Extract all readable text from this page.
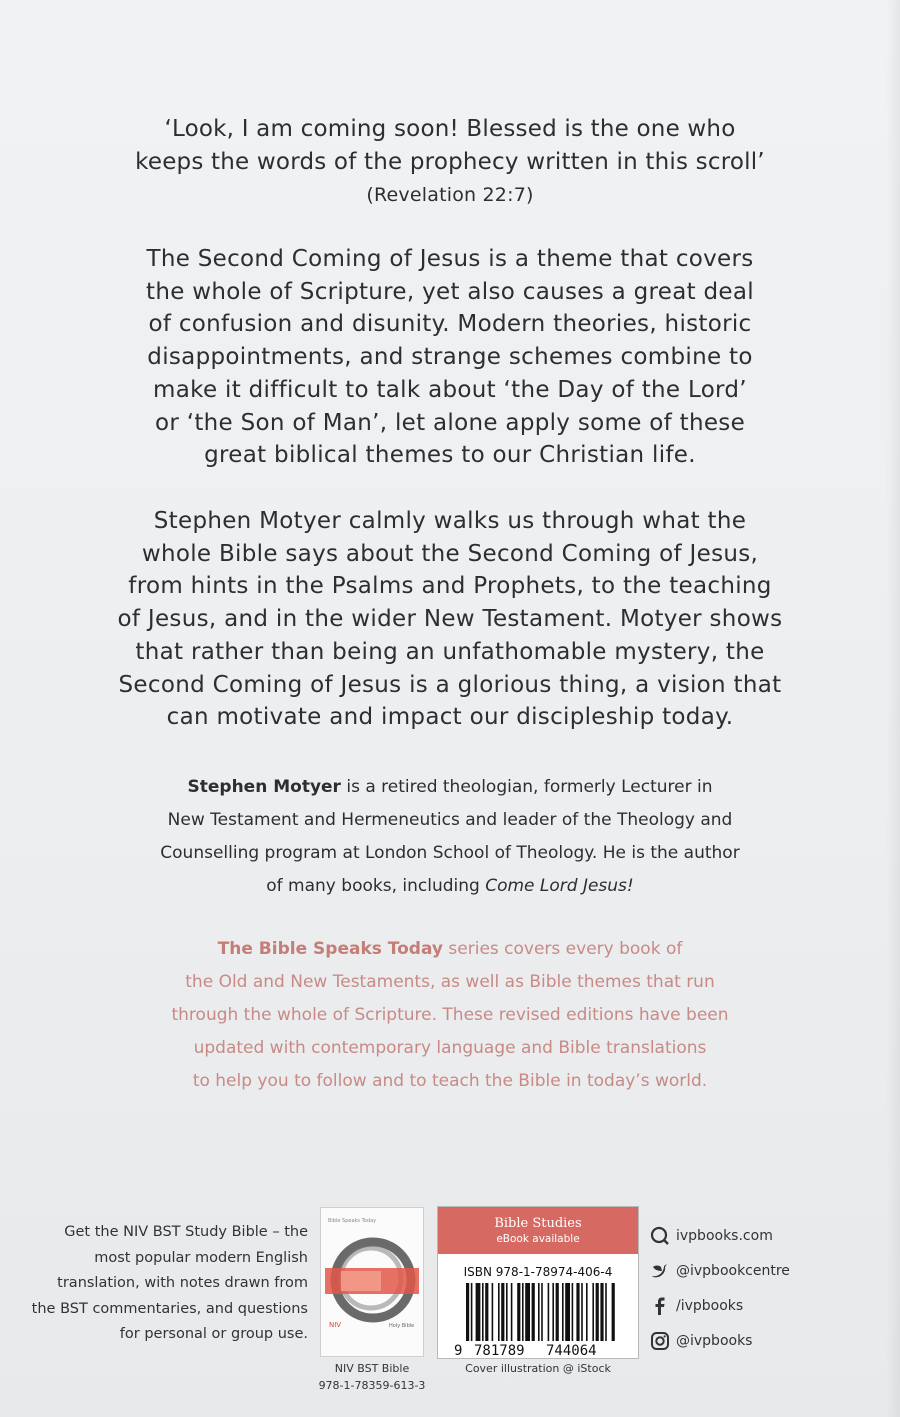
‘Look, I am coming soon! Blessed is the one who
keeps the words of the prophecy written in this scroll’
(Revelation 22:7)
The Second Coming of Jesus is a theme that covers
the whole of Scripture, yet also causes a great deal
of confusion and disunity. Modern theories, historic
disappointments, and strange schemes combine to
make it difficult to talk about ‘the Day of the Lord’
or ‘the Son of Man’, let alone apply some of these
great biblical themes to our Christian life.
Stephen Motyer calmly walks us through what the
whole Bible says about the Second Coming of Jesus,
from hints in the Psalms and Prophets, to the teaching
of Jesus, and in the wider New Testament. Motyer shows
that rather than being an unfathomable mystery, the
Second Coming of Jesus is a glorious thing, a vision that
can motivate and impact our discipleship today.
Stephen Motyer is a retired theologian, formerly Lecturer in
New Testament and Hermeneutics and leader of the Theology and
Counselling program at London School of Theology. He is the author
of many books, including Come Lord Jesus!
The Bible Speaks Today series covers every book of
the Old and New Testaments, as well as Bible themes that run
through the whole of Scripture. These revised editions have been
updated with contemporary language and Bible translations
to help you to follow and to teach the Bible in today’s world.
Get the NIV BST Study Bible – the
most popular modern English
translation, with notes drawn from
the BST commentaries, and questions
for personal or group use.
Bible Speaks Today
NIV	Holy Bible
NIV BST Bible
978-1-78359-613-3
Bible Studies
eBook available
ISBN 978-1-78974-406-4
9 781789 744064
Cover illustration @ iStock
ivpbooks.com
@ivpbookcentre
/ivpbooks
@ivpbooks
